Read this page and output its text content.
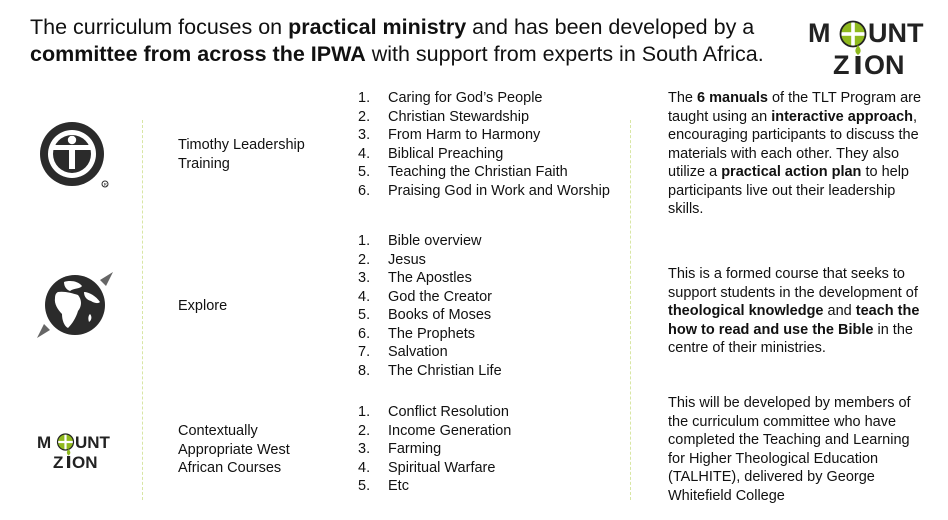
The curriculum focuses on practical ministry and has been developed by a committee from across the IPWA with support from experts in South Africa.
M UNT
Z ON
R
Timothy Leadership Training
1.	Caring for God’s People
2.	Christian Stewardship
3.	From Harm to Harmony
4.	Biblical Preaching
5.	Teaching the Christian Faith
6.	Praising God in Work and Worship
The 6 manuals of the TLT Program are taught using an interactive approach, encouraging participants to discuss the materials with each other. They also utilize a practical action plan to help participants live out their leadership skills.
Explore
1.	Bible overview
2.	Jesus
3.	The Apostles
4.	God the Creator
5.	Books of Moses
6.	The Prophets
7.	Salvation
8.	The Christian Life
This is a formed course that seeks to support students in the development of theological knowledge and teach the how to read and use the Bible in the centre of their ministries.
M UNT
Z ON
Contextually Appropriate West African Courses
1.	Conflict Resolution
2.	Income Generation
3.	Farming
4.	Spiritual Warfare
5.	Etc
This will be developed by members of the curriculum committee who have completed the Teaching and Learning for Higher Theological Education (TALHITE), delivered by George Whitefield College
